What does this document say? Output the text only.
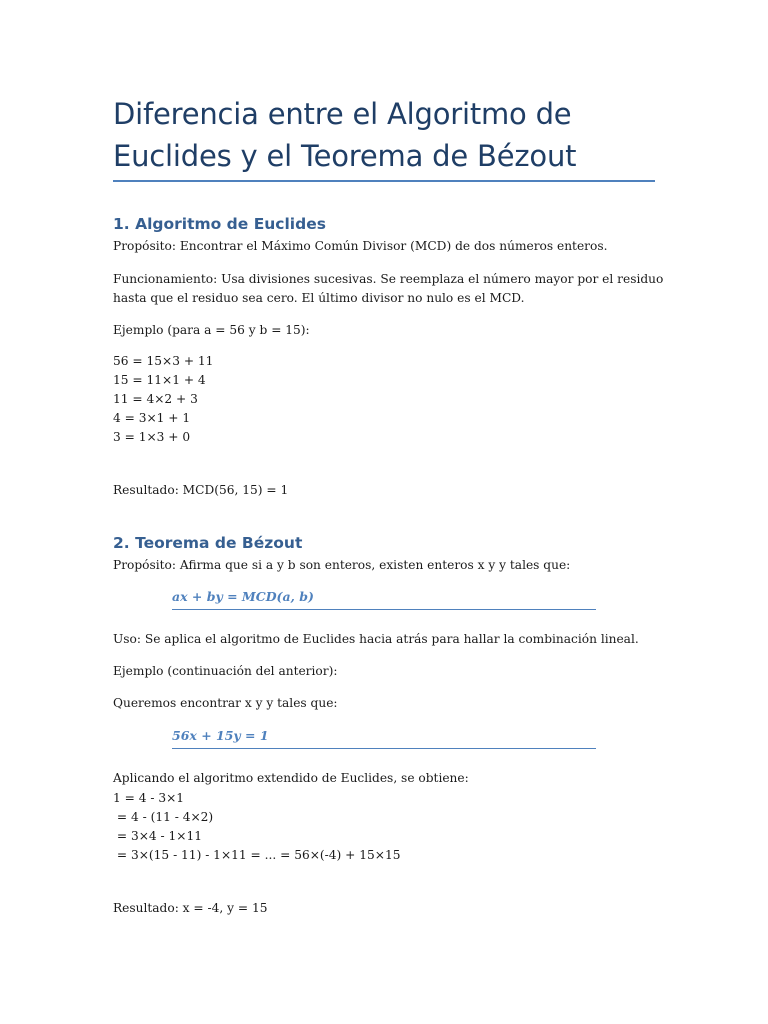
Diferencia entre el Algoritmo de
Euclides y el Teorema de Bézout
1. Algoritmo de Euclides
Propósito: Encontrar el Máximo Común Divisor (MCD) de dos números enteros.
Funcionamiento: Usa divisiones sucesivas. Se reemplaza el número mayor por el residuo
hasta que el residuo sea cero. El último divisor no nulo es el MCD.
Ejemplo (para a = 56 y b = 15):
56 = 15×3 + 11
15 = 11×1 + 4
11 = 4×2 + 3
4 = 3×1 + 1
3 = 1×3 + 0
Resultado: MCD(56, 15) = 1
2. Teorema de Bézout
Propósito: Afirma que si a y b son enteros, existen enteros x y y tales que:
ax + by = MCD(a, b)
Uso: Se aplica el algoritmo de Euclides hacia atrás para hallar la combinación lineal.
Ejemplo (continuación del anterior):
Queremos encontrar x y y tales que:
56x + 15y = 1
Aplicando el algoritmo extendido de Euclides, se obtiene:
1 = 4 - 3×1
= 4 - (11 - 4×2)
= 3×4 - 1×11
= 3×(15 - 11) - 1×11 = ... = 56×(-4) + 15×15
Resultado: x = -4, y = 15
